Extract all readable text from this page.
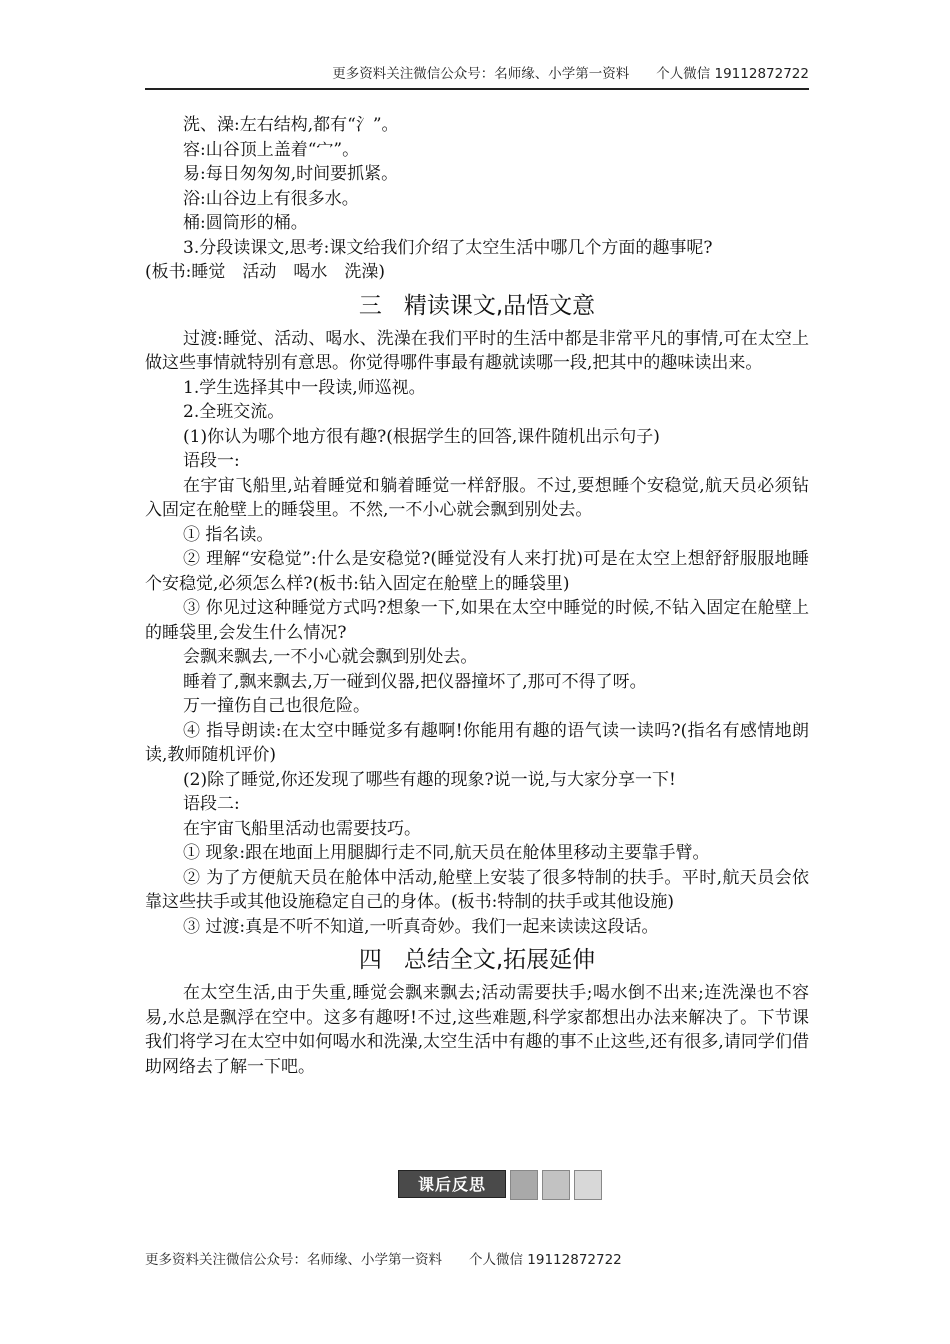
更多资料关注微信公众号：名师缘、小学第一资料　　个人微信 19112872722

洗、澡:左右结构,都有“氵”。

容:山谷顶上盖着“宀”。

易:每日匆匆匆,时间要抓紧。

浴:山谷边上有很多水。

桶:圆筒形的桶。

3.分段读课文,思考:课文给我们介绍了太空生活中哪几个方面的趣事呢?

(板书:睡觉　活动　喝水　洗澡)

三 精读课文,品悟文意

过渡:睡觉、活动、喝水、洗澡在我们平时的生活中都是非常平凡的事情,可在太空上做这些事情就特别有意思。你觉得哪件事最有趣就读哪一段,把其中的趣味读出来。

1.学生选择其中一段读,师巡视。

2.全班交流。

(1)你认为哪个地方很有趣?(根据学生的回答,课件随机出示句子)

语段一:

在宇宙飞船里,站着睡觉和躺着睡觉一样舒服。不过,要想睡个安稳觉,航天员必须钻入固定在舱壁上的睡袋里。不然,一不小心就会飘到别处去。

① 指名读。

② 理解“安稳觉”:什么是安稳觉?(睡觉没有人来打扰)可是在太空上想舒舒服服地睡个安稳觉,必须怎么样?(板书:钻入固定在舱壁上的睡袋里)

③ 你见过这种睡觉方式吗?想象一下,如果在太空中睡觉的时候,不钻入固定在舱壁上的睡袋里,会发生什么情况?

会飘来飘去,一不小心就会飘到别处去。

睡着了,飘来飘去,万一碰到仪器,把仪器撞坏了,那可不得了呀。

万一撞伤自己也很危险。

④ 指导朗读:在太空中睡觉多有趣啊!你能用有趣的语气读一读吗?(指名有感情地朗读,教师随机评价)

(2)除了睡觉,你还发现了哪些有趣的现象?说一说,与大家分享一下!

语段二:

在宇宙飞船里活动也需要技巧。

① 现象:跟在地面上用腿脚行走不同,航天员在舱体里移动主要靠手臂。

② 为了方便航天员在舱体中活动,舱壁上安装了很多特制的扶手。平时,航天员会依靠这些扶手或其他设施稳定自己的身体。(板书:特制的扶手或其他设施)

③ 过渡:真是不听不知道,一听真奇妙。我们一起来读读这段话。

四 总结全文,拓展延伸

在太空生活,由于失重,睡觉会飘来飘去;活动需要扶手;喝水倒不出来;连洗澡也不容易,水总是飘浮在空中。这多有趣呀!不过,这些难题,科学家都想出办法来解决了。下节课我们将学习在太空中如何喝水和洗澡,太空生活中有趣的事不止这些,还有很多,请同学们借助网络去了解一下吧。

课后反思
更多资料关注微信公众号：名师缘、小学第一资料　　个人微信 19112872722
